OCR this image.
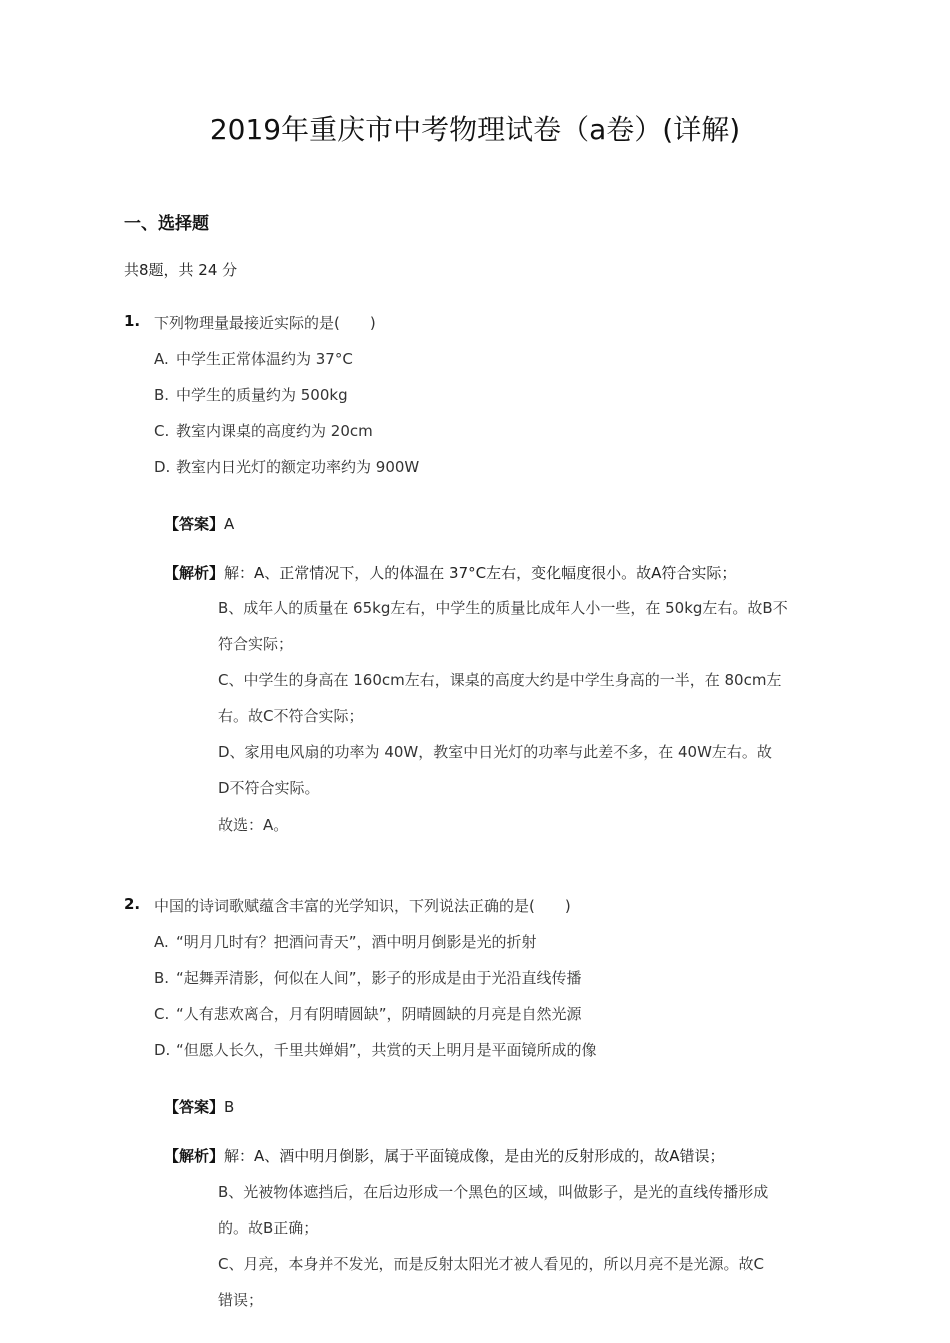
2019年重庆市中考物理试卷（a卷）(详解)
一、选择题
共8题，共 24 分
1. 下列物理量最接近实际的是(　　)
A. 中学生正常体温约为 37°C
B. 中学生的质量约为 500kg
C. 教室内课桌的高度约为 20cm
D. 教室内日光灯的额定功率约为 900W
【答案】A
【解析】解：A、正常情况下，人的体温在 37°C左右，变化幅度很小。故A符合实际；
B、成年人的质量在 65kg左右，中学生的质量比成年人小一些，在 50kg左右。故B不
符合实际；
C、中学生的身高在 160cm左右，课桌的高度大约是中学生身高的一半，在 80cm左
右。故C不符合实际；
D、家用电风扇的功率为 40W，教室中日光灯的功率与此差不多，在 40W左右。故
D不符合实际。
故选：A。
2. 中国的诗词歌赋蕴含丰富的光学知识，下列说法正确的是(　　)
A. “明月几时有？把酒问青天”，酒中明月倒影是光的折射
B. “起舞弄清影，何似在人间”，影子的形成是由于光沿直线传播
C. “人有悲欢离合，月有阴晴圆缺”，阴晴圆缺的月亮是自然光源
D. “但愿人长久，千里共婵娟”，共赏的天上明月是平面镜所成的像
【答案】B
【解析】解：A、酒中明月倒影，属于平面镜成像，是由光的反射形成的，故A错误；
B、光被物体遮挡后，在后边形成一个黑色的区域，叫做影子，是光的直线传播形成
的。故B正确；
C、月亮，本身并不发光，而是反射太阳光才被人看见的，所以月亮不是光源。故C
错误；
